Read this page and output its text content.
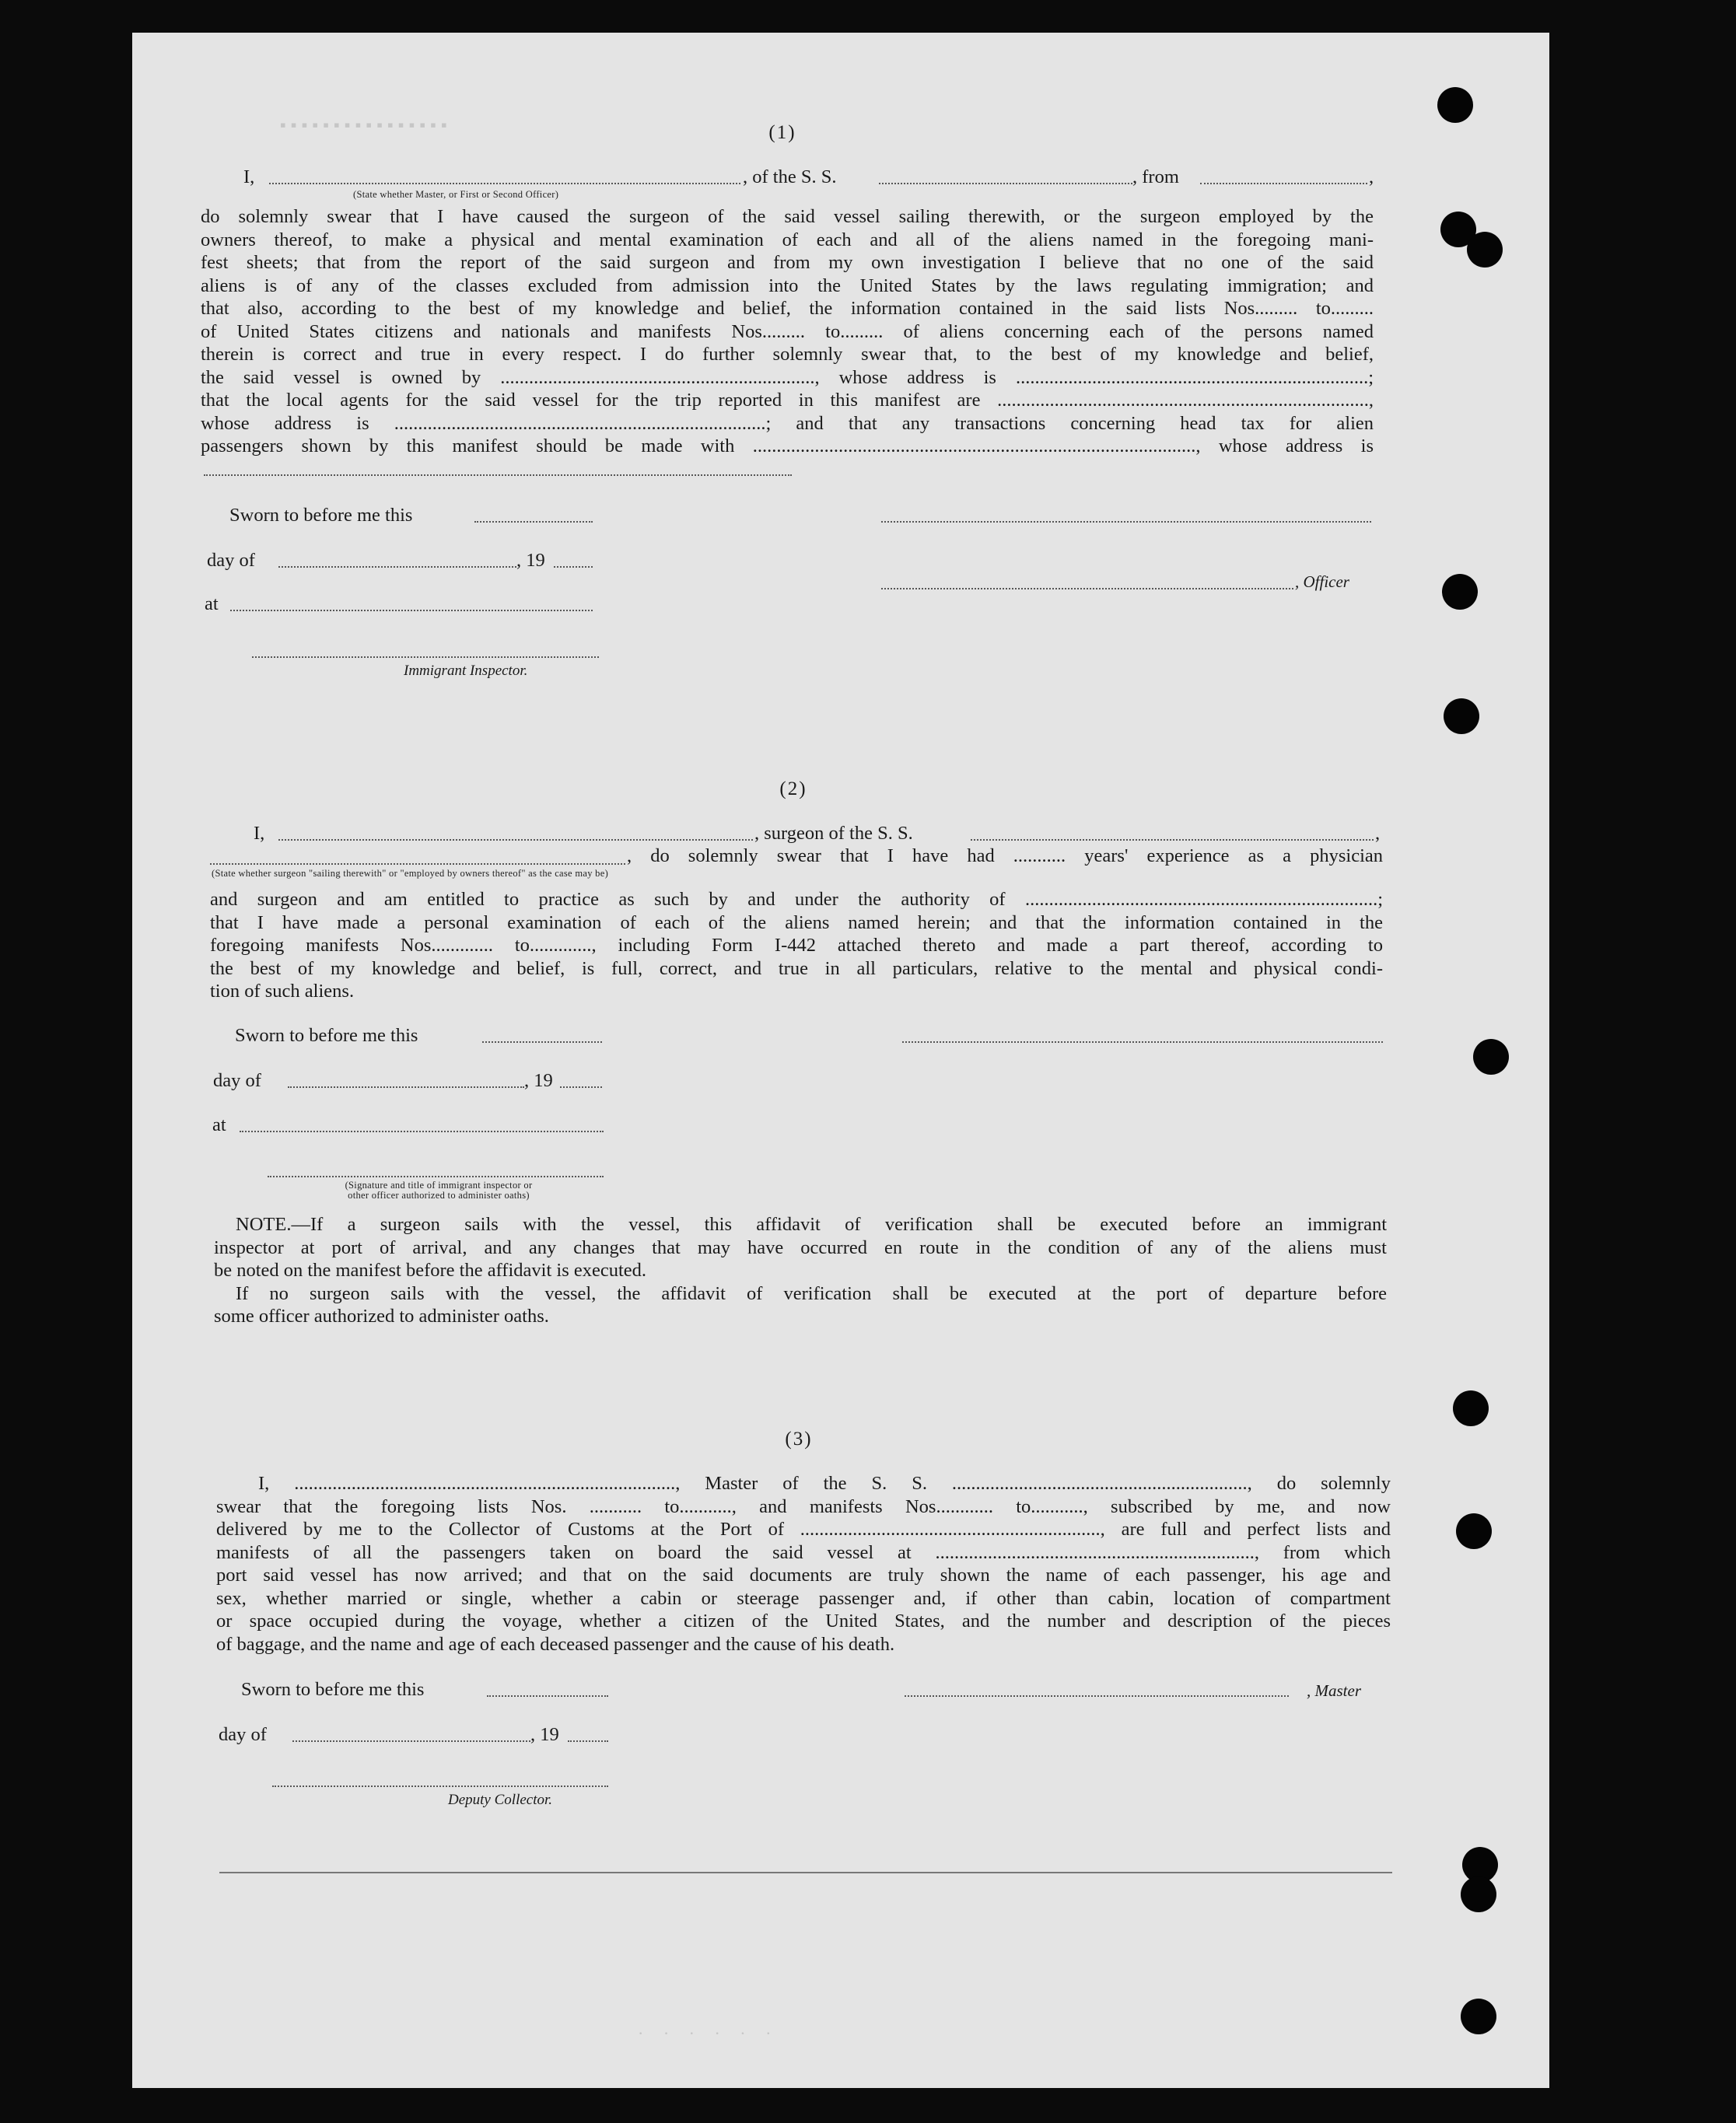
▪▪▪▪▪▪▪▪▪▪▪▪▪▪▪▪
· · · · · ·
(1)
I,	, of the S. S.	, from	,
(State whether Master, or First or Second Officer)
do solemnly swear that I have caused the surgeon of the said vessel sailing therewith, or the surgeon employed by the
owners thereof, to make a physical and mental examination of each and all of the aliens named in the foregoing mani-
fest sheets; that from the report of the said surgeon and from my own investigation I believe that no one of the said
aliens is of any of the classes excluded from admission into the United States by the laws regulating immigration; and
that also, according to the best of my knowledge and belief, the information contained in the said lists Nos......... to.........
of United States citizens and nationals and manifests Nos......... to......... of aliens concerning each of the persons named
therein is correct and true in every respect. I do further solemnly swear that, to the best of my knowledge and belief,
the said vessel is owned by .................................................................., whose address is ..........................................................................;
that the local agents for the said vessel for the trip reported in this manifest are ..............................................................................,
whose address is ..............................................................................; and that any transactions concerning head tax for alien
passengers shown by this manifest should be made with ............................................................................................., whose address is
Sworn to before me this
day of	, 19
, Officer
at
Immigrant Inspector.
(2)
I,	, surgeon of the S. S.	,
, do solemnly swear that I have had ........... years' experience as a physician
(State whether surgeon "sailing therewith" or "employed by owners thereof" as the case may be)
and surgeon and am entitled to practice as such by and under the authority of ..........................................................................;
that I have made a personal examination of each of the aliens named herein; and that the information contained in the
foregoing manifests Nos............. to............., including Form I-442 attached thereto and made a part thereof, according to
the best of my knowledge and belief, is full, correct, and true in all particulars, relative to the mental and physical condi-
tion of such aliens.
Sworn to before me this
day of	, 19
at
(Signature and title of immigrant inspector or
other officer authorized to administer oaths)
NOTE.—If a surgeon sails with the vessel, this affidavit of verification shall be executed before an immigrant
inspector at port of arrival, and any changes that may have occurred en route in the condition of any of the aliens must
be noted on the manifest before the affidavit is executed.
If no surgeon sails with the vessel, the affidavit of verification shall be executed at the port of departure before
some officer authorized to administer oaths.
(3)
I, ................................................................................, Master of the S. S. .............................................................., do solemnly
swear that the foregoing lists Nos. ........... to..........., and manifests Nos............ to..........., subscribed by me, and now
delivered by me to the Collector of Customs at the Port of ..............................................................., are full and perfect lists and
manifests of all the passengers taken on board the said vessel at ..................................................................., from which
port said vessel has now arrived; and that on the said documents are truly shown the name of each passenger, his age and
sex, whether married or single, whether a cabin or steerage passenger and, if other than cabin, location of compartment
or space occupied during the voyage, whether a citizen of the United States, and the number and description of the pieces
of baggage, and the name and age of each deceased passenger and the cause of his death.
Sworn to before me this	, Master
day of	, 19
Deputy Collector.
